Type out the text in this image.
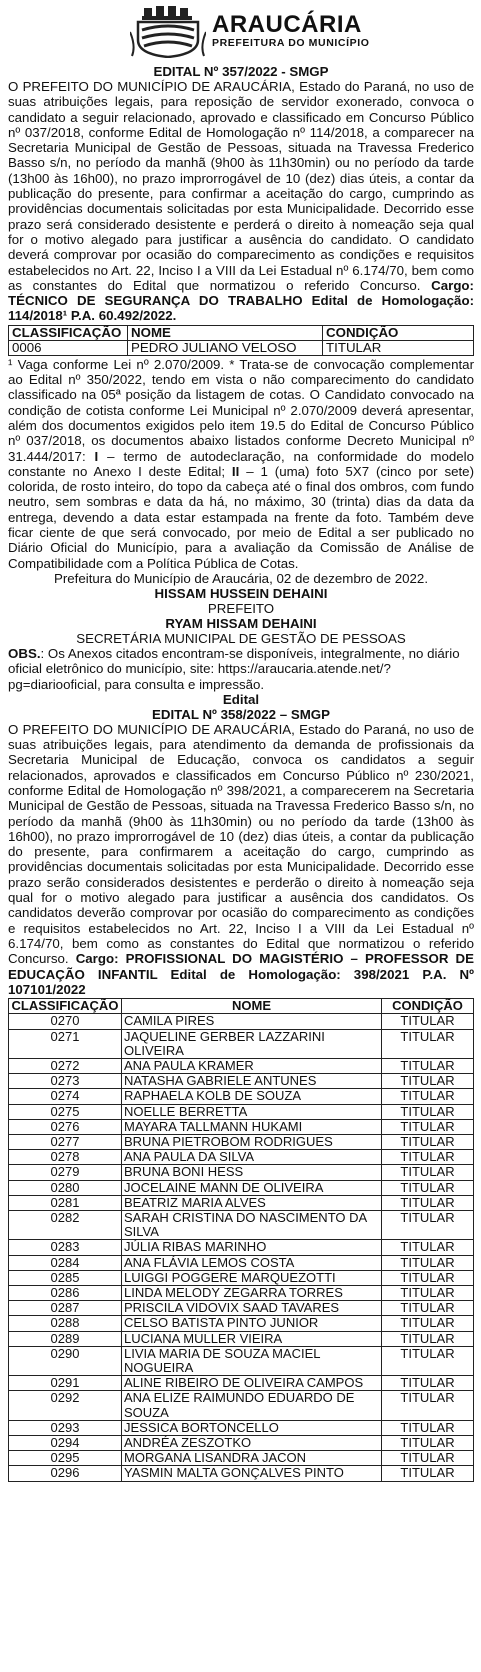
ARAUCÁRIA
PREFEITURA DO MUNICÍPIO
EDITAL Nº 357/2022 - SMGP

O PREFEITO DO MUNICÍPIO DE ARAUCÁRIA, Estado do Paraná, no uso de suas atribuições legais, para reposição de servidor exonerado, convoca o candidato a seguir relacionado, aprovado e classificado em Concurso Público nº 037/2018, conforme Edital de Homologação nº 114/2018, a comparecer na Secretaria Municipal de Gestão de Pessoas, situada na Travessa Frederico Basso s/n, no período da manhã (9h00 às 11h30min) ou no período da tarde (13h00 às 16h00), no prazo improrrogável de 10 (dez) dias úteis, a contar da publicação do presente, para confirmar a aceitação do cargo, cumprindo as providências documentais solicitadas por esta Municipalidade. Decorrido esse prazo será considerado desistente e perderá o direito à nomeação seja qual for o motivo alegado para justificar a ausência do candidato. O candidato deverá comprovar por ocasião do comparecimento as condições e requisitos estabelecidos no Art. 22, Inciso I a VIII da Lei Estadual nº 6.174/70, bem como as constantes do Edital que normatizou o referido Concurso. Cargo: TÉCNICO DE SEGURANÇA DO TRABALHO Edital de Homologação: 114/2018¹ P.A. 60.492/2022.

CLASSIFICAÇÃO	NOME	CONDIÇÃO
0006	PEDRO JULIANO VELOSO	TITULAR

¹ Vaga conforme Lei nº 2.070/2009. * Trata-se de convocação complementar ao Edital nº 350/2022, tendo em vista o não comparecimento do candidato classificado na 05ª posição da listagem de cotas. O Candidato convocado na condição de cotista conforme Lei Municipal nº 2.070/2009 deverá apresentar, além dos documentos exigidos pelo item 19.5 do Edital de Concurso Público nº 037/2018, os documentos abaixo listados conforme Decreto Municipal nº 31.444/2017: I – termo de autodeclaração, na conformidade do modelo constante no Anexo I deste Edital; II – 1 (uma) foto 5X7 (cinco por sete) colorida, de rosto inteiro, do topo da cabeça até o final dos ombros, com fundo neutro, sem sombras e data da há, no máximo, 30 (trinta) dias da data da entrega, devendo a data estar estampada na frente da foto. Também deve ficar ciente de que será convocado, por meio de Edital a ser publicado no Diário Oficial do Município, para a avaliação da Comissão de Análise de Compatibilidade com a Política Pública de Cotas.

Prefeitura do Município de Araucária, 02 de dezembro de 2022.
HISSAM HUSSEIN DEHAINI
PREFEITO
RYAM HISSAM DEHAINI
SECRETÁRIA MUNICIPAL DE GESTÃO DE PESSOAS

OBS.: Os Anexos citados encontram-se disponíveis, integralmente, no diário oficial eletrônico do município, site: https://araucaria.atende.net/?pg=diariooficial, para consulta e impressão.

Edital
EDITAL Nº 358/2022 – SMGP

O PREFEITO DO MUNICÍPIO DE ARAUCÁRIA, Estado do Paraná, no uso de suas atribuições legais, para atendimento da demanda de profissionais da Secretaria Municipal de Educação, convoca os candidatos a seguir relacionados, aprovados e classificados em Concurso Público nº 230/2021, conforme Edital de Homologação nº 398/2021, a comparecerem na Secretaria Municipal de Gestão de Pessoas, situada na Travessa Frederico Basso s/n, no período da manhã (9h00 às 11h30min) ou no período da tarde (13h00 às 16h00), no prazo improrrogável de 10 (dez) dias úteis, a contar da publicação do presente, para confirmarem a aceitação do cargo, cumprindo as providências documentais solicitadas por esta Municipalidade. Decorrido esse prazo serão considerados desistentes e perderão o direito à nomeação seja qual for o motivo alegado para justificar a ausência dos candidatos. Os candidatos deverão comprovar por ocasião do comparecimento as condições e requisitos estabelecidos no Art. 22, Inciso I a VIII da Lei Estadual nº 6.174/70, bem como as constantes do Edital que normatizou o referido Concurso. Cargo: PROFISSIONAL DO MAGISTÉRIO – PROFESSOR DE EDUCAÇÃO INFANTIL Edital de Homologação: 398/2021 P.A. Nº 107101/2022

CLASSIFICAÇÃO	NOME	CONDIÇÃO
0270	CAMILA PIRES	TITULAR
0271	JAQUELINE GERBER LAZZARINI OLIVEIRA	TITULAR
0272	ANA PAULA KRAMER	TITULAR
0273	NATASHA GABRIELE ANTUNES	TITULAR
0274	RAPHAELA KOLB DE SOUZA	TITULAR
0275	NOELLE BERRETTA	TITULAR
0276	MAYARA TALLMANN HUKAMI	TITULAR
0277	BRUNA PIETROBOM RODRIGUES	TITULAR
0278	ANA PAULA DA SILVA	TITULAR
0279	BRUNA BONI HESS	TITULAR
0280	JOCELAINE MANN DE OLIVEIRA	TITULAR
0281	BEATRIZ MARIA ALVES	TITULAR
0282	SARAH CRISTINA DO NASCIMENTO DA SILVA	TITULAR
0283	JÚLIA RIBAS MARINHO	TITULAR
0284	ANA FLÁVIA LEMOS COSTA	TITULAR
0285	LUIGGI POGGERE MARQUEZOTTI	TITULAR
0286	LINDA MELODY ZEGARRA TORRES	TITULAR
0287	PRISCILA VIDOVIX SAAD TAVARES	TITULAR
0288	CELSO BATISTA PINTO JUNIOR	TITULAR
0289	LUCIANA MULLER VIEIRA	TITULAR
0290	LIVIA MARIA DE SOUZA MACIEL NOGUEIRA	TITULAR
0291	ALINE RIBEIRO DE OLIVEIRA CAMPOS	TITULAR
0292	ANA ELIZE RAIMUNDO EDUARDO DE SOUZA	TITULAR
0293	JESSICA BORTONCELLO	TITULAR
0294	ANDRÉA ZESZOTKO	TITULAR
0295	MORGANA LISANDRA JACON	TITULAR
0296	YASMIN MALTA GONÇALVES PINTO	TITULAR
